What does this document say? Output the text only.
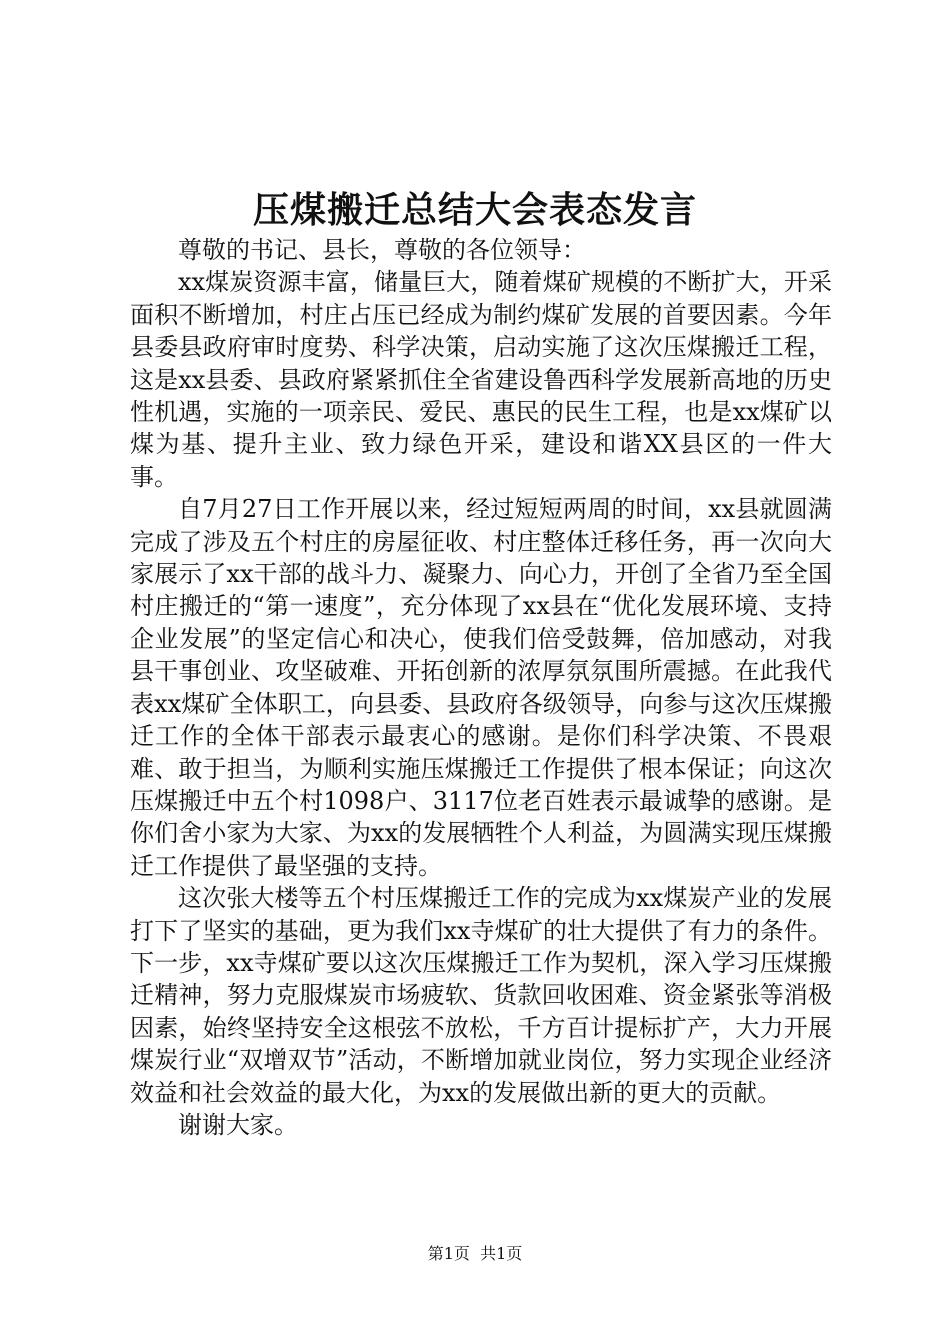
压煤搬迁总结大会表态发言

尊敬的书记、县长，尊敬的各位领导：

xx煤炭资源丰富，储量巨大，随着煤矿规模的不断扩大，开采面积不断增加，村庄占压已经成为制约煤矿发展的首要因素。今年县委县政府审时度势、科学决策，启动实施了这次压煤搬迁工程，这是xx县委、县政府紧紧抓住全省建设鲁西科学发展新高地的历史性机遇，实施的一项亲民、爱民、惠民的民生工程，也是xx煤矿以煤为基、提升主业、致力绿色开采，建设和谐XX县区的一件大事。

自7月27日工作开展以来，经过短短两周的时间，xx县就圆满完成了涉及五个村庄的房屋征收、村庄整体迁移任务，再一次向大家展示了xx干部的战斗力、凝聚力、向心力，开创了全省乃至全国村庄搬迁的“第一速度”，充分体现了xx县在“优化发展环境、支持企业发展”的坚定信心和决心，使我们倍受鼓舞，倍加感动，对我县干事创业、攻坚破难、开拓创新的浓厚氛氛围所震撼。在此我代表xx煤矿全体职工，向县委、县政府各级领导，向参与这次压煤搬迁工作的全体干部表示最衷心的感谢。是你们科学决策、不畏艰难、敢于担当，为顺利实施压煤搬迁工作提供了根本保证；向这次压煤搬迁中五个村1098户、3117位老百姓表示最诚挚的感谢。是你们舍小家为大家、为xx的发展牺牲个人利益，为圆满实现压煤搬迁工作提供了最坚强的支持。

这次张大楼等五个村压煤搬迁工作的完成为xx煤炭产业的发展打下了坚实的基础，更为我们xx寺煤矿的壮大提供了有力的条件。下一步，xx寺煤矿要以这次压煤搬迁工作为契机，深入学习压煤搬迁精神，努力克服煤炭市场疲软、货款回收困难、资金紧张等消极因素，始终坚持安全这根弦不放松，千方百计提标扩产，大力开展煤炭行业“双增双节”活动，不断增加就业岗位，努力实现企业经济效益和社会效益的最大化，为xx的发展做出新的更大的贡献。

谢谢大家。

第1页  共1页
